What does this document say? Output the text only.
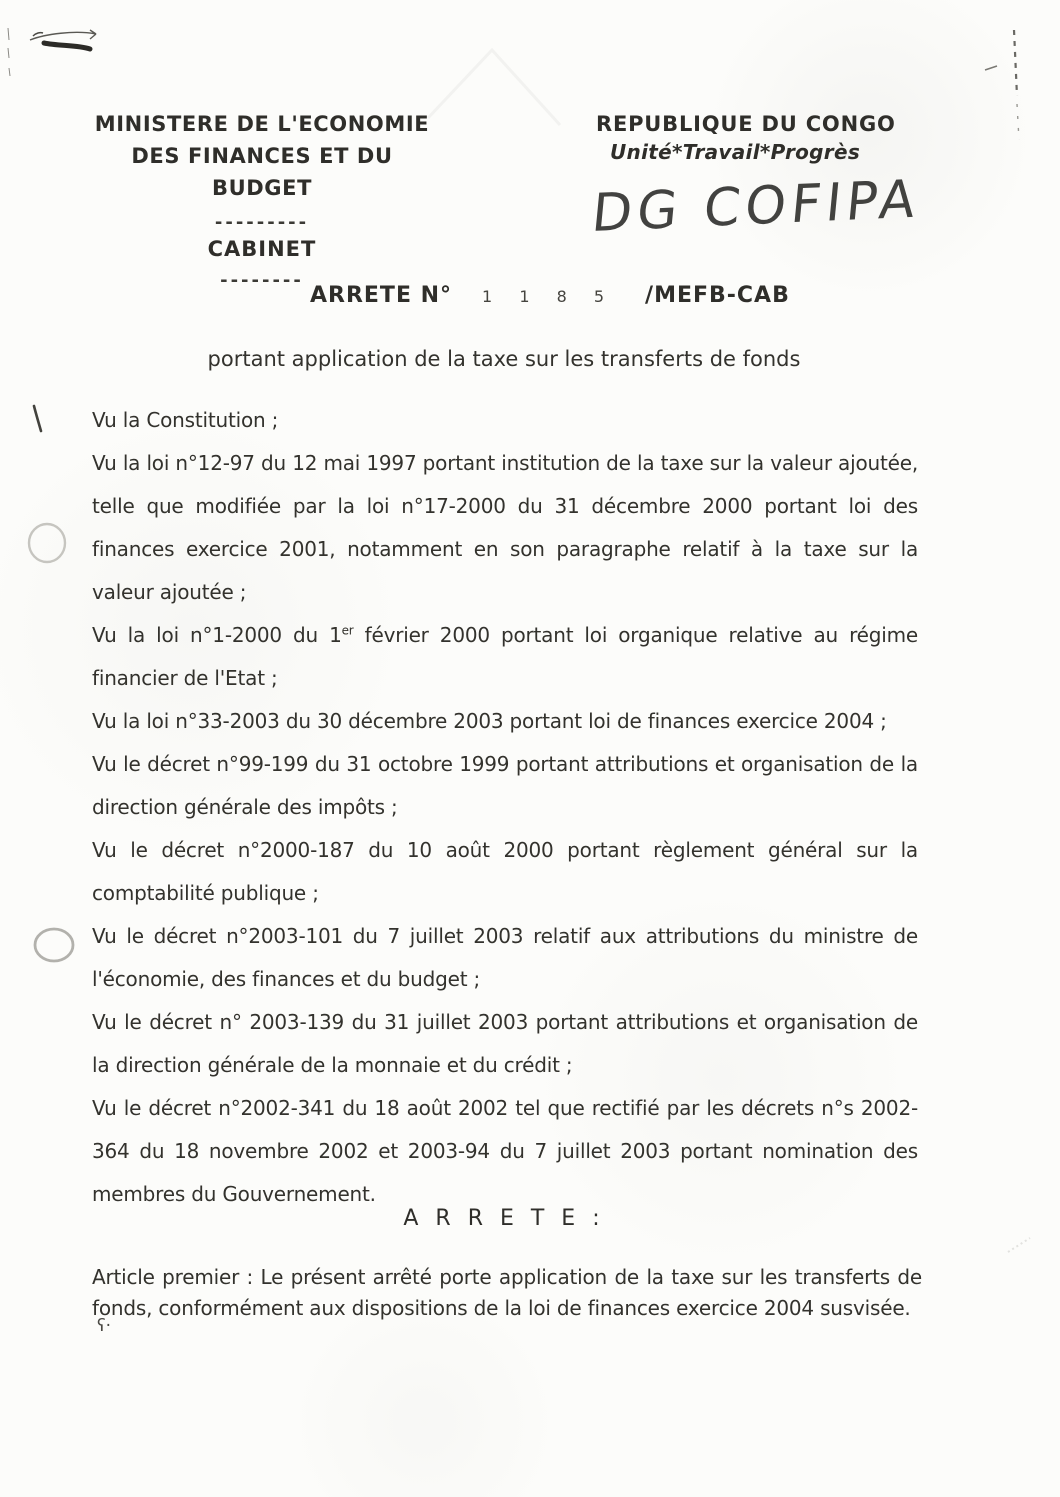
MINISTERE DE L'ECONOMIE
DES FINANCES ET DU BUDGET
---------
CABINET
--------
REPUBLIQUE DU CONGO
Unité*Travail*Progrès
DG COFIPA
ARRETE N° 1 1 8 5 /MEFB-CAB
portant application de la taxe sur les transferts de fonds

Vu la Constitution ;

Vu la loi n°12-97 du 12 mai 1997 portant institution de la taxe sur la valeur ajoutée, telle que modifiée par la loi n°17-2000 du 31 décembre 2000 portant loi des finances exercice 2001, notamment en son paragraphe relatif à la taxe sur la valeur ajoutée ;

Vu la loi n°1-2000 du 1er février 2000 portant loi organique relative au régime financier de l'Etat ;

Vu la loi n°33-2003 du 30 décembre 2003 portant loi de finances exercice 2004 ;

Vu le décret n°99-199 du 31 octobre 1999 portant attributions et organisation de la direction générale des impôts ;

Vu le décret n°2000-187 du 10 août 2000 portant règlement général sur la comptabilité publique ;

Vu le décret n°2003-101 du 7 juillet 2003 relatif aux attributions du ministre de l'économie, des finances et du budget ;

Vu le décret n° 2003-139 du 31 juillet 2003 portant attributions et organisation de la direction générale de la monnaie et du crédit ;

Vu le décret n°2002-341 du 18 août 2002 tel que rectifié par les décrets n°s 2002-364 du 18 novembre 2002 et 2003-94 du 7 juillet 2003 portant nomination des membres du Gouvernement.

A R R E T E :

Article premier : Le présent arrêté porte application de la taxe sur les transferts de fonds, conformément aux dispositions de la loi de finances exercice 2004 susvisée.

ʕ·
